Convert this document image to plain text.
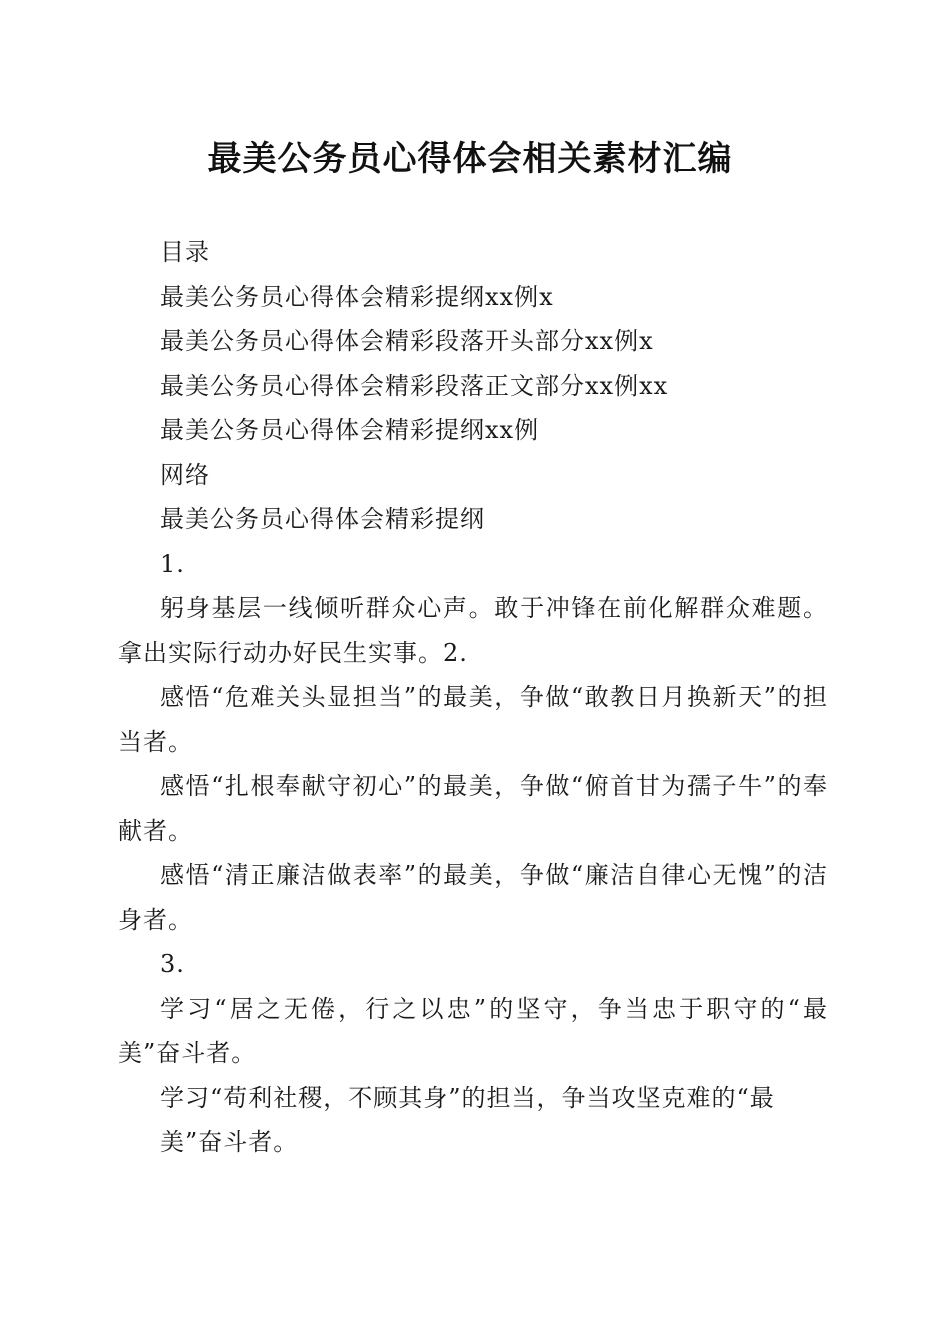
最美公务员心得体会相关素材汇编

目录

最美公务员心得体会精彩提纲xx例x

最美公务员心得体会精彩段落开头部分xx例x

最美公务员心得体会精彩段落正文部分xx例xx

最美公务员心得体会精彩提纲xx例

网络

最美公务员心得体会精彩提纲

1.

躬身基层一线倾听群众心声。敢于冲锋在前化解群众难题。拿出实际行动办好民生实事。2.

感悟“危难关头显担当”的最美，争做“敢教日月换新天”的担当者。

感悟“扎根奉献守初心”的最美，争做“俯首甘为孺子牛”的奉献者。

感悟“清正廉洁做表率”的最美，争做“廉洁自律心无愧”的洁身者。

3.

学习“居之无倦，行之以忠”的坚守，争当忠于职守的“最美”奋斗者。

学习“苟利社稷，不顾其身”的担当，争当攻坚克难的“最

美”奋斗者。
